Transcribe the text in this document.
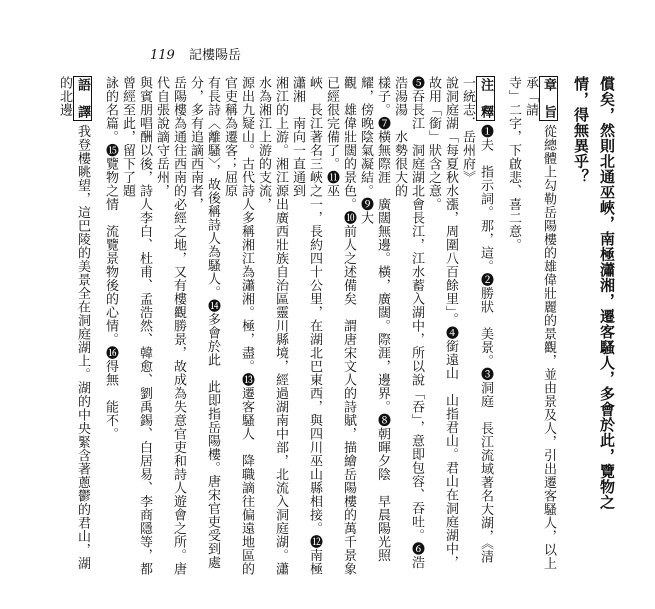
119 記樓陽岳
償矣，然則北通巫峽，南極瀟湘，遷客騷人，多會於此，覽物之
情，得無異乎？
章　旨從總體上勾勒岳陽樓的雄偉壯麗的景觀，並由景及人，引出遷客騷人，以上承「請
寺」二字，下啟悲、喜二意。
注　釋❶夫　指示詞。那，這。❷勝狀　美景。❸洞庭　長江流域著名大湖，《清一統志．岳州府》
說洞庭湖「每夏秋水漲，周圍八百餘里」。❹銜遠山　山指君山。君山在洞庭湖中，故用「銜」狀含之意。
❺吞長江　洞庭湖北會長江，江水蓄入湖中，所以說「吞」，意即包容、吞吐。❻浩浩湯湯　水勢很大的
樣子。❼橫無際涯　廣闊無邊。橫，廣闊。際涯，邊界。❽朝暉夕陰　早晨陽光照耀，傍晚陰氣凝結。❾大
觀　雄偉壯闊的景色。❿前人之述備矣　謂唐宋文人的詩賦，描繪岳陽樓的萬千景象已經很完備了。⓫巫
峽　長江著名三峽之一，長約四十公里，在湖北巴東西，與四川巫山縣相接。⓬南極瀟湘　南向一直通到
湘江的上游。湘江源出廣西壯族自治區靈川縣境，經過湖南中部，北流入洞庭湖。瀟水為湘江上游的支流，
源出九疑山。古代詩人多稱湘江為瀟湘。極，盡。⓭遷客騷人　降職謫往偏遠地區的官吏稱為遷客；屈原
有長詩〈離騷〉，故後稱詩人為騷人。⓮多會於此　此即指岳陽樓。唐宋官吏受到處分，多有追謫西南者，
岳陽樓為通往西南的必經之地，又有樓觀勝景，故成為失意官吏和詩人遊會之所。唐代自張說謫守岳州，
與賓朋唱酬以後，詩人李白、杜甫、孟浩然、韓愈、劉禹錫、白居易、李商隱等，都曾經至此，留下了題
詠的名篇。⓯覽物之情　流覽景物後的心情。⓰得無　能不。
語　譯我登樓眺望，這巴陵的美景全在洞庭湖上。湖的中央緊含著蔥鬱的君山，湖的北邊
